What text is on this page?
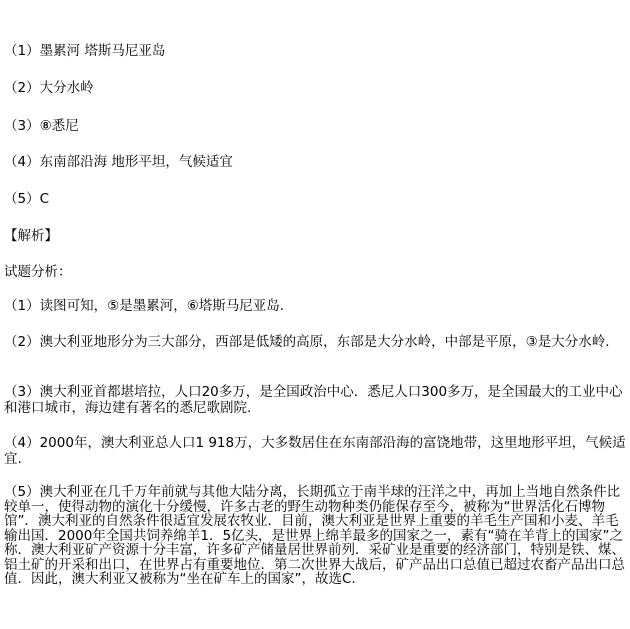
（1）墨累河 塔斯马尼亚岛
（2）大分水岭
（3）⑧悉尼
（4）东南部沿海 地形平坦，气候适宜
（5）C
【解析】
试题分析：
（1）读图可知，⑤是墨累河，⑥塔斯马尼亚岛.
（2）澳大利亚地形分为三大部分，西部是低矮的高原，东部是大分水岭，中部是平原，③是大分水岭.
（3）澳大利亚首都堪培拉，人口20多万，是全国政治中心．悉尼人口300多万，是全国最大的工业中心和港口城市，海边建有著名的悉尼歌剧院.
（4）2000年，澳大利亚总人口1 918万，大多数居住在东南部沿海的富饶地带，这里地形平坦，气候适宜.
（5）澳大利亚在几千万年前就与其他大陆分离，长期孤立于南半球的汪洋之中，再加上当地自然条件比较单一，使得动物的演化十分缓慢，许多古老的野生动物种类仍能保存至今，被称为“世界活化石博物馆”．澳大利亚的自然条件很适宜发展农牧业．目前，澳大利亚是世界上重要的羊毛生产国和小麦、羊毛输出国．2000年全国共饲养绵羊1．5亿头，是世界上绵羊最多的国家之一，素有“骑在羊背上的国家”之称．澳大利亚矿产资源十分丰富，许多矿产储量居世界前列．采矿业是重要的经济部门，特别是铁、煤、铝土矿的开采和出口，在世界占有重要地位．第二次世界大战后，矿产品出口总值已超过农畜产品出口总值．因此，澳大利亚又被称为“坐在矿车上的国家”，故选C.
